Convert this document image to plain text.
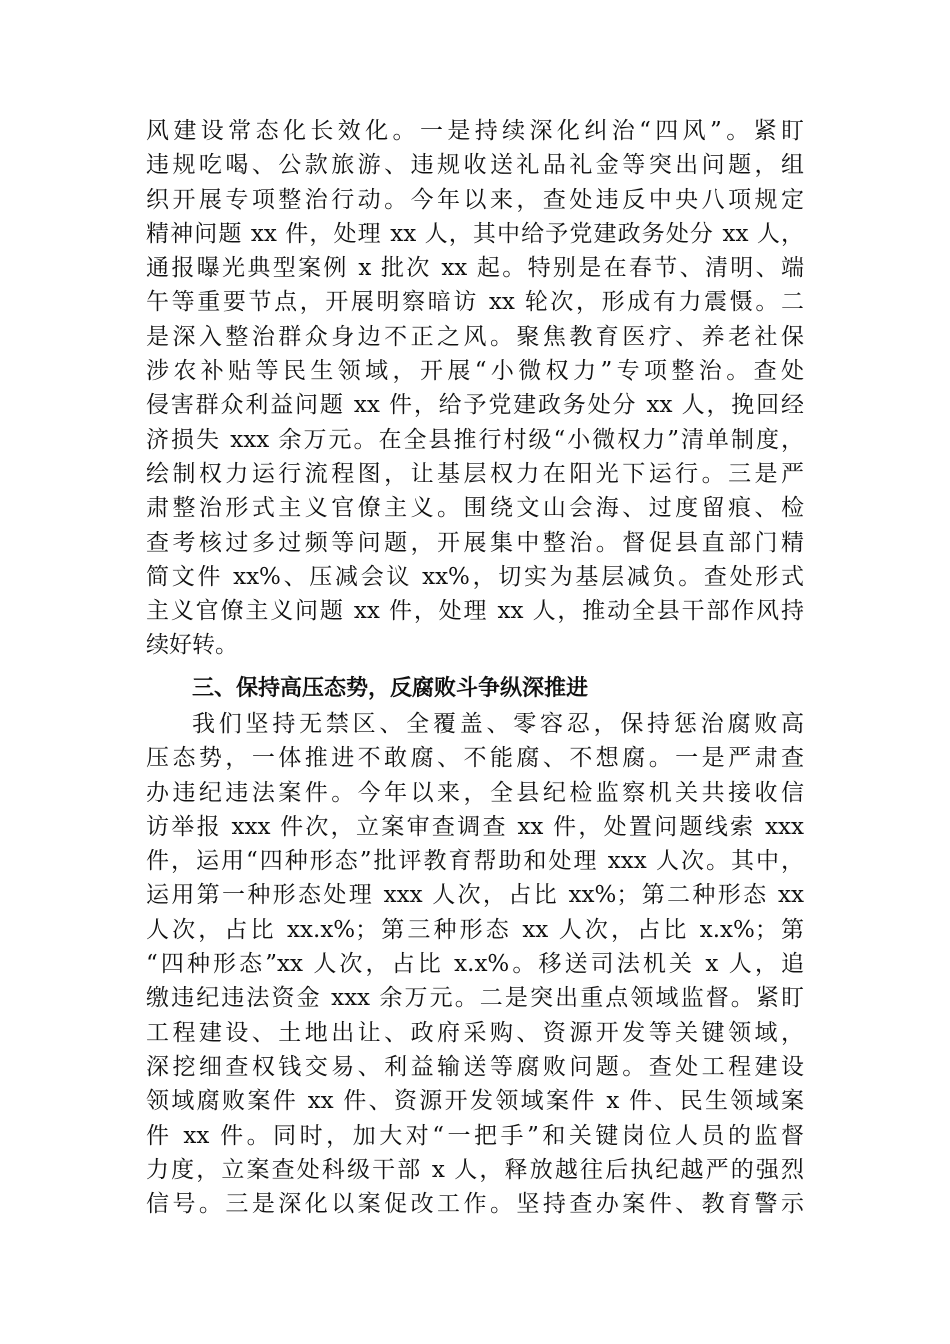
风建设常态化长效化。一是持续深化纠治“四风”。紧盯
违规吃喝、公款旅游、违规收送礼品礼金等突出问题，组
织开展专项整治行动。今年以来，查处违反中央八项规定
精神问题 xx 件，处理 xx 人，其中给予党建政务处分 xx 人，
通报曝光典型案例 x 批次 xx 起。特别是在春节、清明、端
午等重要节点，开展明察暗访 xx 轮次，形成有力震慑。二
是深入整治群众身边不正之风。聚焦教育医疗、养老社保
涉农补贴等民生领域，开展“小微权力”专项整治。查处
侵害群众利益问题 xx 件，给予党建政务处分 xx 人，挽回经
济损失 xxx 余万元。在全县推行村级“小微权力”清单制度，
绘制权力运行流程图，让基层权力在阳光下运行。三是严
肃整治形式主义官僚主义。围绕文山会海、过度留痕、检
查考核过多过频等问题，开展集中整治。督促县直部门精
简文件 xx%、压减会议 xx%，切实为基层减负。查处形式
主义官僚主义问题 xx 件，处理 xx 人，推动全县干部作风持
续好转。
三、保持高压态势，反腐败斗争纵深推进
我们坚持无禁区、全覆盖、零容忍，保持惩治腐败高
压态势，一体推进不敢腐、不能腐、不想腐。一是严肃查
办违纪违法案件。今年以来，全县纪检监察机关共接收信
访举报 xxx 件次，立案审查调查 xx 件，处置问题线索 xxx
件，运用“四种形态”批评教育帮助和处理 xxx 人次。其中，
运用第一种形态处理 xxx 人次，占比 xx%；第二种形态 xx
人次，占比 xx.x%；第三种形态 xx 人次，占比 x.x%；第
“四种形态”xx 人次，占比 x.x%。移送司法机关 x 人，追
缴违纪违法资金 xxx 余万元。二是突出重点领域监督。紧盯
工程建设、土地出让、政府采购、资源开发等关键领域，
深挖细查权钱交易、利益输送等腐败问题。查处工程建设
领域腐败案件 xx 件、资源开发领域案件 x 件、民生领域案
件 xx 件。同时，加大对“一把手”和关键岗位人员的监督
力度，立案查处科级干部 x 人，释放越往后执纪越严的强烈
信号。三是深化以案促改工作。坚持查办案件、教育警示
